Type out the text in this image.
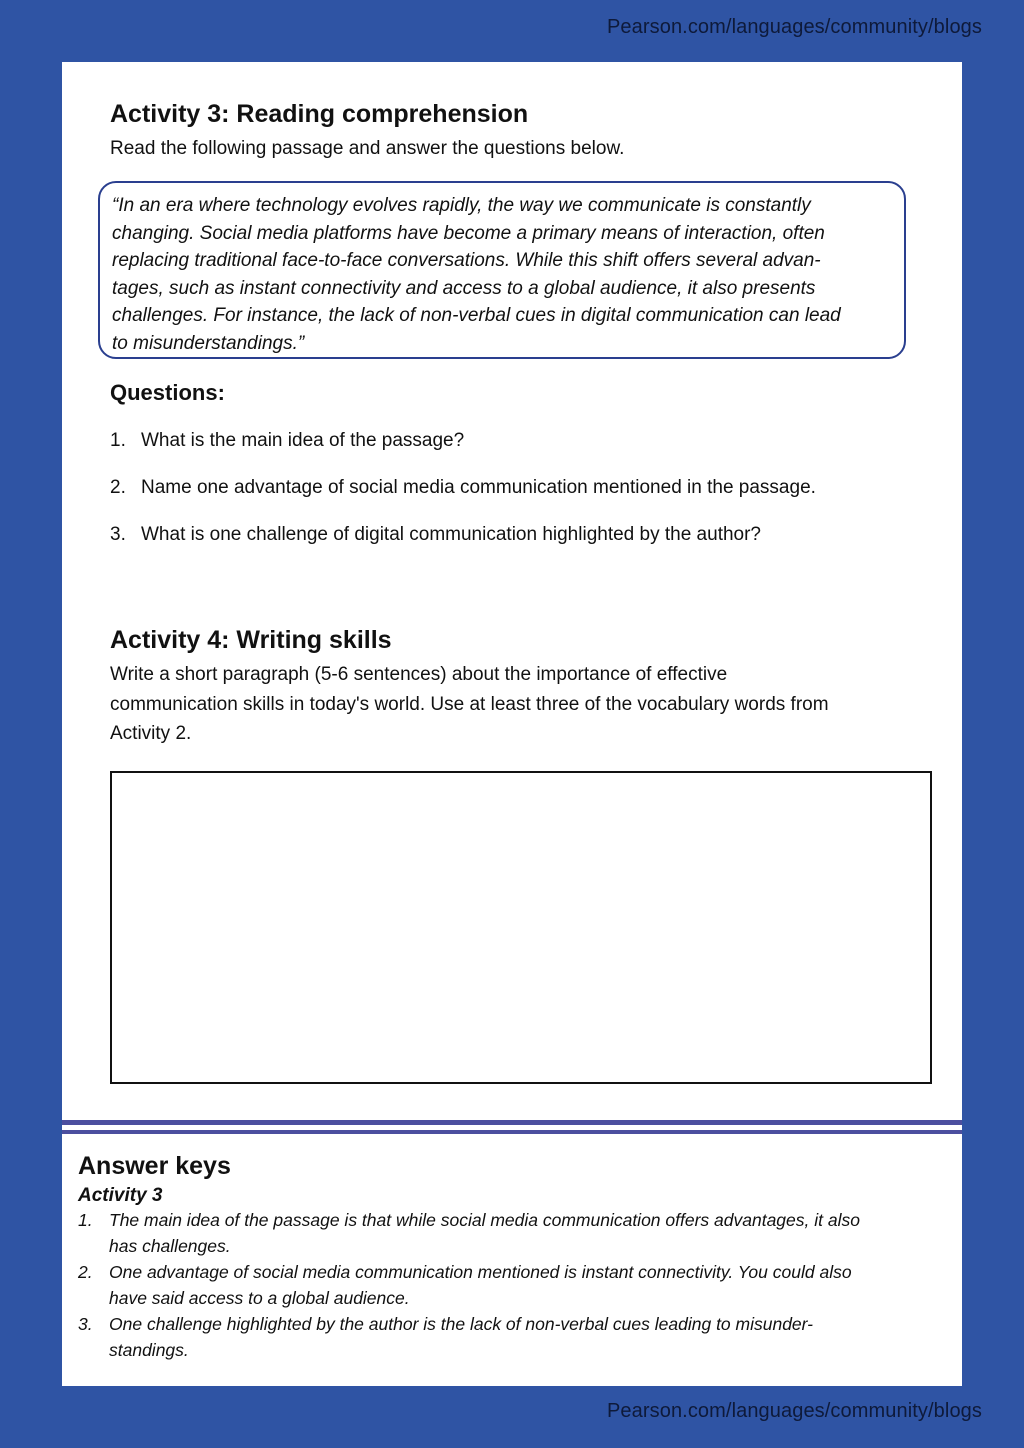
Pearson.com/languages/community/blogs
Activity 3: Reading comprehension

Read the following passage and answer the questions below.

“In an era where technology evolves rapidly, the way we communicate is constantly
changing. Social media platforms have become a primary means of interaction, often
replacing traditional face-to-face conversations. While this shift offers several advan-
tages, such as instant connectivity and access to a global audience, it also presents
challenges. For instance, the lack of non-verbal cues in digital communication can lead
to misunderstandings.”
Questions:
1. What is the main idea of the passage?
2. Name one advantage of social media communication mentioned in the passage.
3. What is one challenge of digital communication highlighted by the author?
Activity 4: Writing skills
Write a short paragraph (5-6 sentences) about the importance of effective
communication skills in today's world. Use at least three of the vocabulary words from
Activity 2.
Answer keys

Activity 3

1. The main idea of the passage is that while social media communication offers advantages, it also
has challenges.
2. One advantage of social media communication mentioned is instant connectivity. You could also
have said access to a global audience.
3. One challenge highlighted by the author is the lack of non-verbal cues leading to misunder-
standings.
Pearson.com/languages/community/blogs
